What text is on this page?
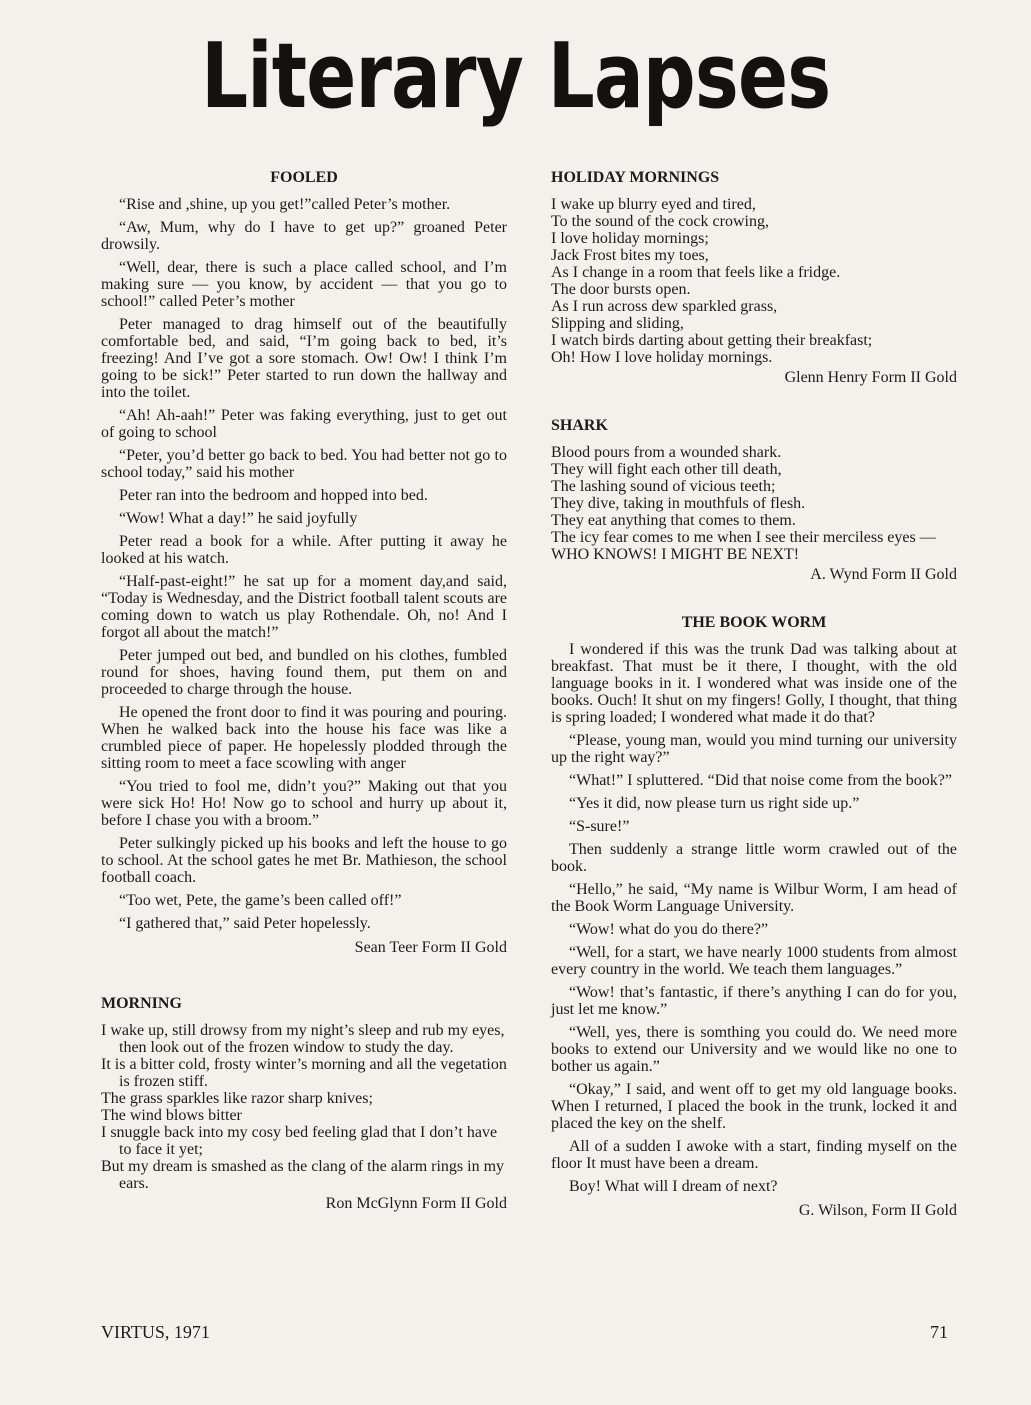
Literary Lapses
FOOLED

“Rise and ,shine, up you get!”called Peter’s mother.

“Aw, Mum, why do I have to get up?” groaned Peter drowsily.

“Well, dear, there is such a place called school, and I’m making sure — you know, by accident — that you go to school!” called Peter’s mother

Peter managed to drag himself out of the beautifully comfortable bed, and said, “I’m going back to bed, it’s freezing! And I’ve got a sore stomach. Ow! Ow! I think I’m going to be sick!” Peter started to run down the hallway and into the toilet.

“Ah! Ah-aah!” Peter was faking everything, just to get out of going to school

“Peter, you’d better go back to bed. You had better not go to school today,” said his mother

Peter ran into the bedroom and hopped into bed.

“Wow! What a day!” he said joyfully

Peter read a book for a while. After putting it away he looked at his watch.

“Half-past-eight!” he sat up for a moment day,and said, “Today is Wednesday, and the District football talent scouts are coming down to watch us play Rothendale. Oh, no! And I forgot all about the match!”

Peter jumped out bed, and bundled on his clothes, fumbled round for shoes, having found them, put them on and proceeded to charge through the house.

He opened the front door to find it was pouring and pouring. When he walked back into the house his face was like a crumbled piece of paper. He hopelessly plodded through the sitting room to meet a face scowling with anger

“You tried to fool me, didn’t you?” Making out that you were sick Ho! Ho! Now go to school and hurry up about it, before I chase you with a broom.”

Peter sulkingly picked up his books and left the house to go to school. At the school gates he met Br. Mathieson, the school football coach.

“Too wet, Pete, the game’s been called off!”

“I gathered that,” said Peter hopelessly.

Sean Teer Form II Gold
MORNING
I wake up, still drowsy from my night’s sleep and rub my eyes, then look out of the frozen window to study the day.
It is a bitter cold, frosty winter’s morning and all the vegetation is frozen stiff.
The grass sparkles like razor sharp knives;
The wind blows bitter
I snuggle back into my cosy bed feeling glad that I don’t have to face it yet;
But my dream is smashed as the clang of the alarm rings in my ears.
Ron McGlynn Form II Gold
HOLIDAY MORNINGS
I wake up blurry eyed and tired,
To the sound of the cock crowing,
I love holiday mornings;
Jack Frost bites my toes,
As I change in a room that feels like a fridge.
The door bursts open.
As I run across dew sparkled grass,
Slipping and sliding,
I watch birds darting about getting their breakfast;
Oh! How I love holiday mornings.
Glenn Henry Form II Gold
SHARK
Blood pours from a wounded shark.
They will fight each other till death,
The lashing sound of vicious teeth;
They dive, taking in mouthfuls of flesh.
They eat anything that comes to them.
The icy fear comes to me when I see their merciless eyes —
WHO KNOWS! I MIGHT BE NEXT!
A. Wynd Form II Gold
THE BOOK WORM

I wondered if this was the trunk Dad was talking about at breakfast. That must be it there, I thought, with the old language books in it. I wondered what was inside one of the books. Ouch! It shut on my fingers! Golly, I thought, that thing is spring loaded; I wondered what made it do that?

“Please, young man, would you mind turning our university up the right way?”

“What!” I spluttered. “Did that noise come from the book?”

“Yes it did, now please turn us right side up.”

“S-sure!”

Then suddenly a strange little worm crawled out of the book.

“Hello,” he said, “My name is Wilbur Worm, I am head of the Book Worm Language University.

“Wow! what do you do there?”

“Well, for a start, we have nearly 1000 students from almost every country in the world. We teach them languages.”

“Wow! that’s fantastic, if there’s anything I can do for you, just let me know.”

“Well, yes, there is somthing you could do. We need more books to extend our University and we would like no one to bother us again.”

“Okay,” I said, and went off to get my old language books. When I returned, I placed the book in the trunk, locked it and placed the key on the shelf.

All of a sudden I awoke with a start, finding myself on the floor It must have been a dream.

Boy! What will I dream of next?

G. Wilson, Form II Gold
VIRTUS, 1971	71
